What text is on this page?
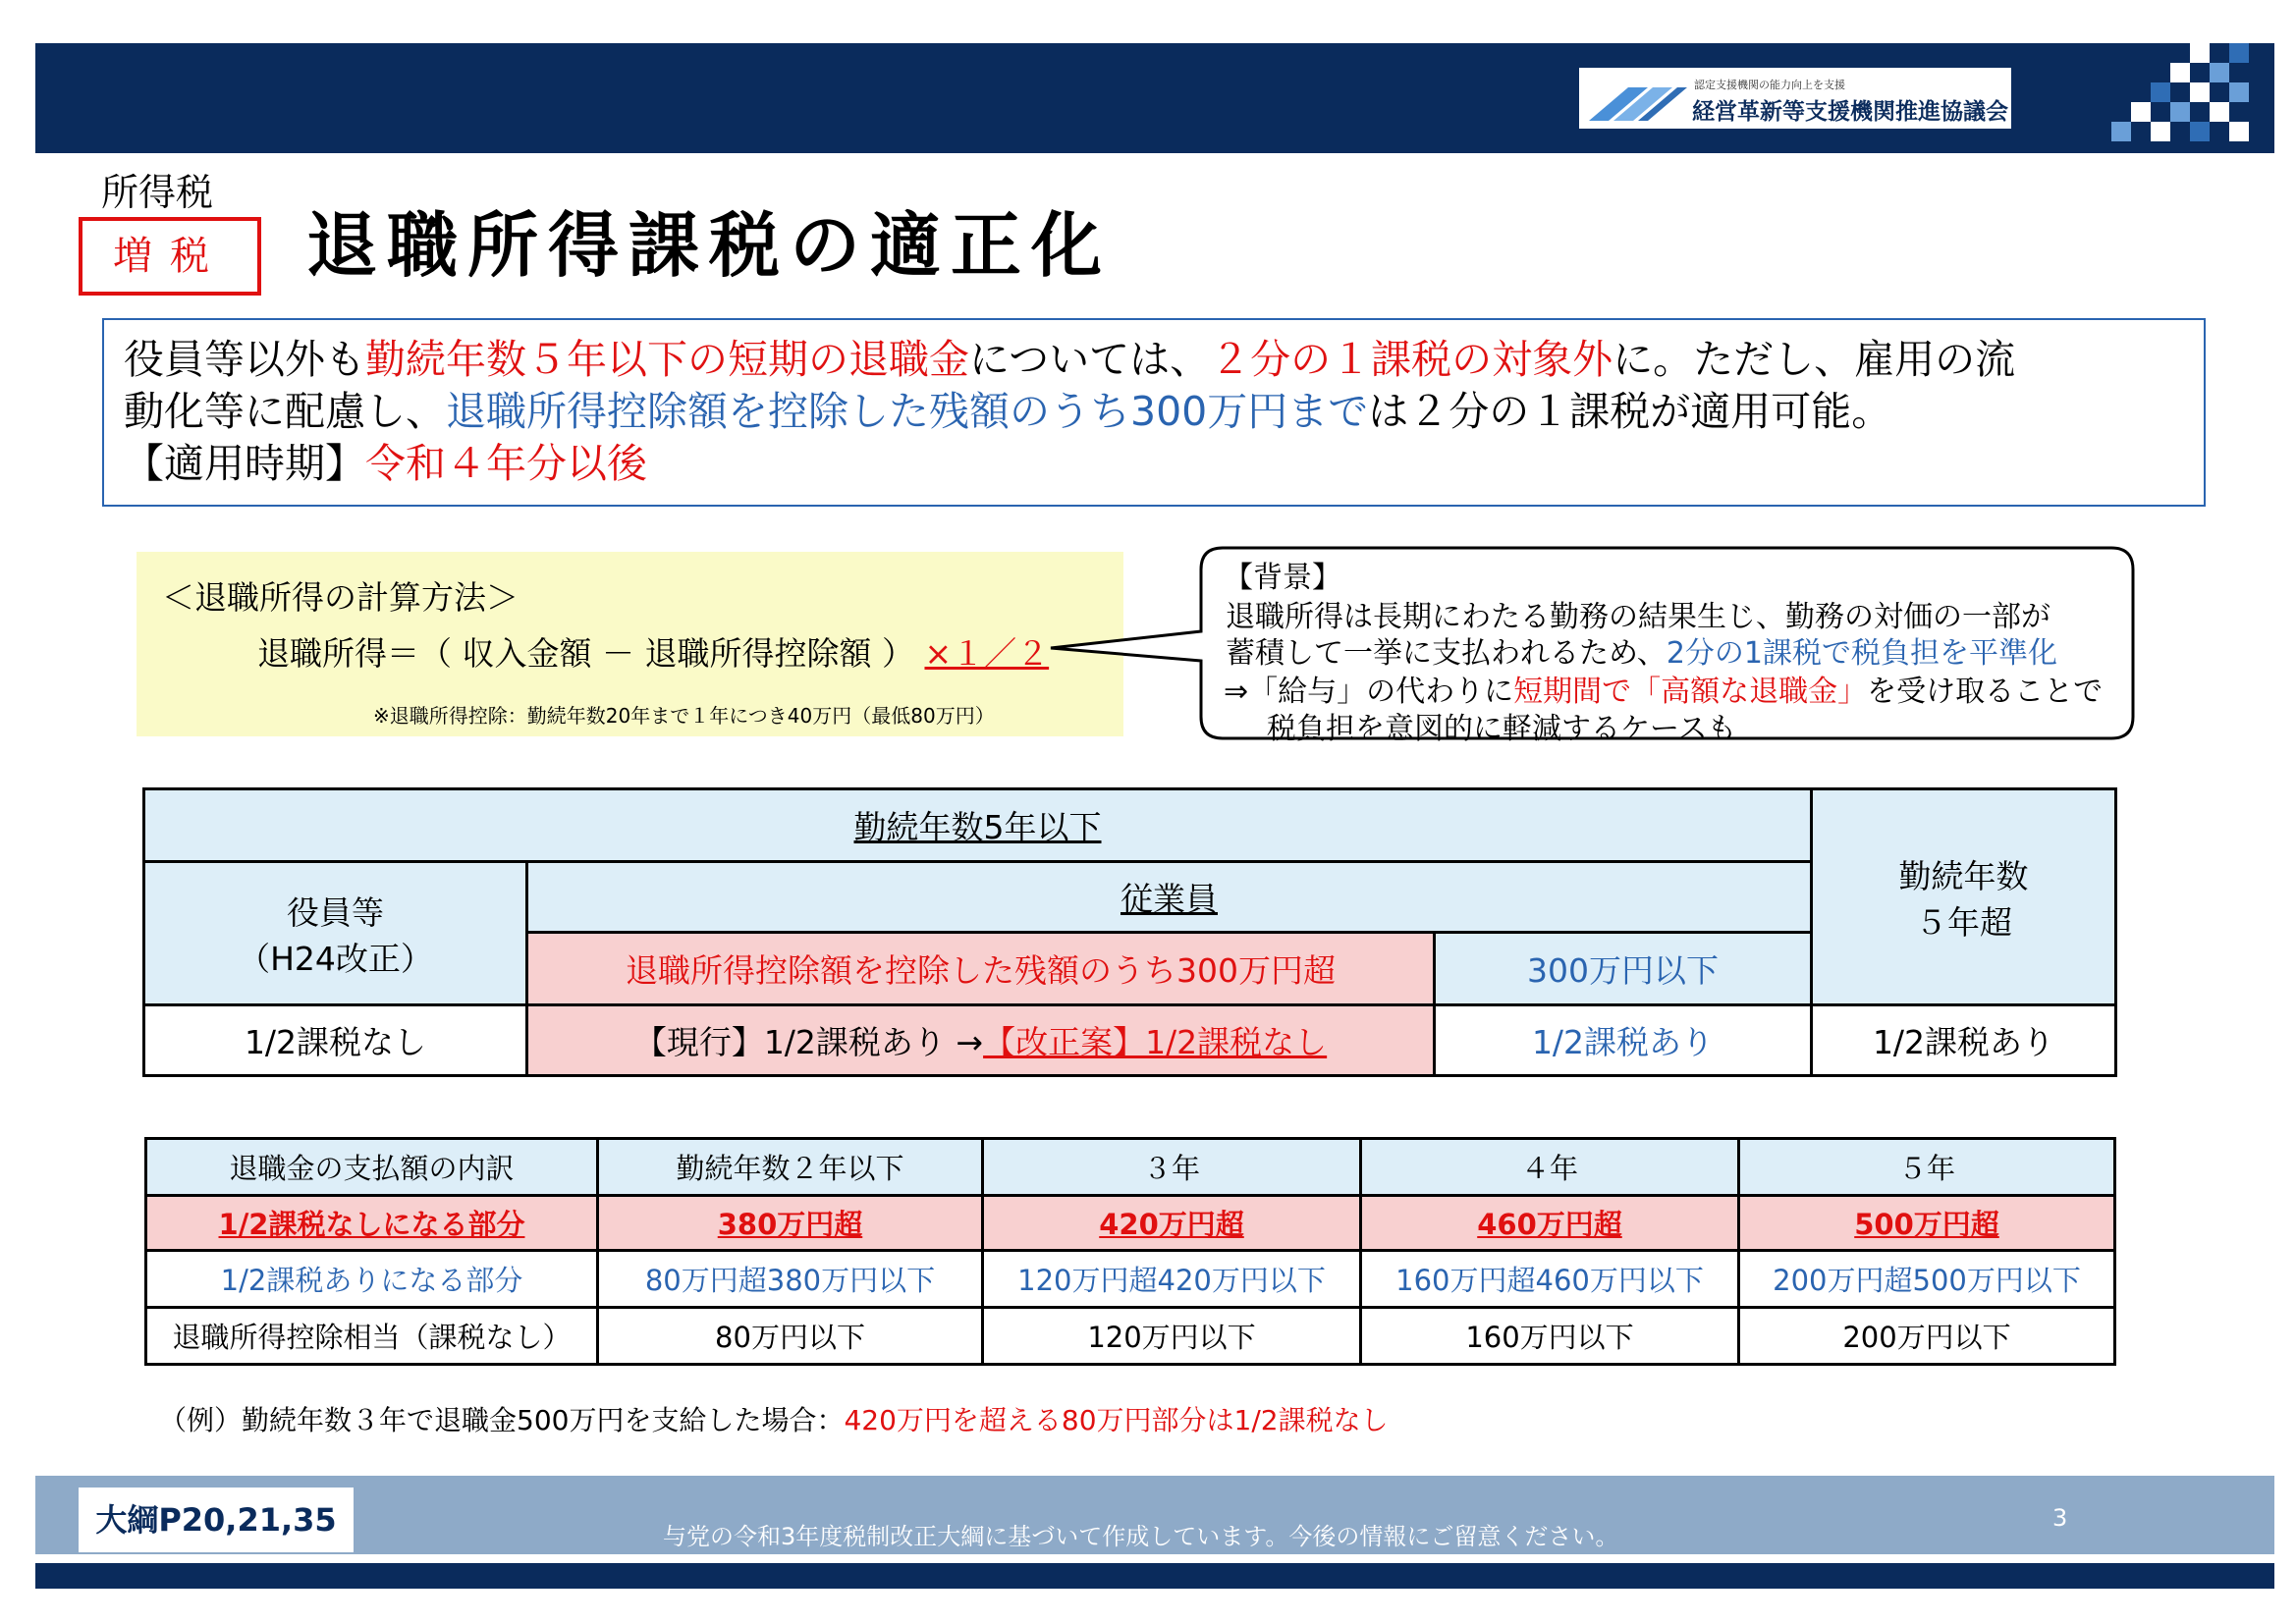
認定支援機関の能力向上を支援
経営革新等支援機関推進協議会
所得税
増税	退職所得課税の適正化
役員等以外も勤続年数５年以下の短期の退職金については、２分の１課税の対象外に。ただし、雇用の流
動化等に配慮し、退職所得控除額を控除した残額のうち300万円までは２分の１課税が適用可能。
【適用時期】令和４年分以後
＜退職所得の計算方法＞
退職所得＝（ 収入金額 － 退職所得控除額 ） ×１／２
※退職所得控除：勤続年数20年まで１年につき40万円（最低80万円）
【背景】
退職所得は長期にわたる勤務の結果生じ、勤務の対価の一部が
蓄積して一挙に支払われるため、2分の1課税で税負担を平準化
⇒「給与」の代わりに短期間で「高額な退職金」を受け取ることで
税負担を意図的に軽減するケースも
勤続年数5年以下			勤続年数
５年超
役員等
（H24改正）	従業員		
	退職所得控除額を控除した残額のうち300万円超	300万円以下	
1/2課税なし	【現行】1/2課税あり →【改正案】1/2課税なし	1/2課税あり	1/2課税あり
退職金の支払額の内訳	勤続年数２年以下	３年	４年	５年
1/2課税なしになる部分	380万円超	420万円超	460万円超	500万円超
1/2課税ありになる部分	80万円超380万円以下	120万円超420万円以下	160万円超460万円以下	200万円超500万円以下
退職所得控除相当（課税なし）	80万円以下	120万円以下	160万円以下	200万円以下
（例）勤続年数３年で退職金500万円を支給した場合：420万円を超える80万円部分は1/2課税なし
大綱P20,21,35	与党の令和3年度税制改正大綱に基づいて作成しています。今後の情報にご留意ください。
3
